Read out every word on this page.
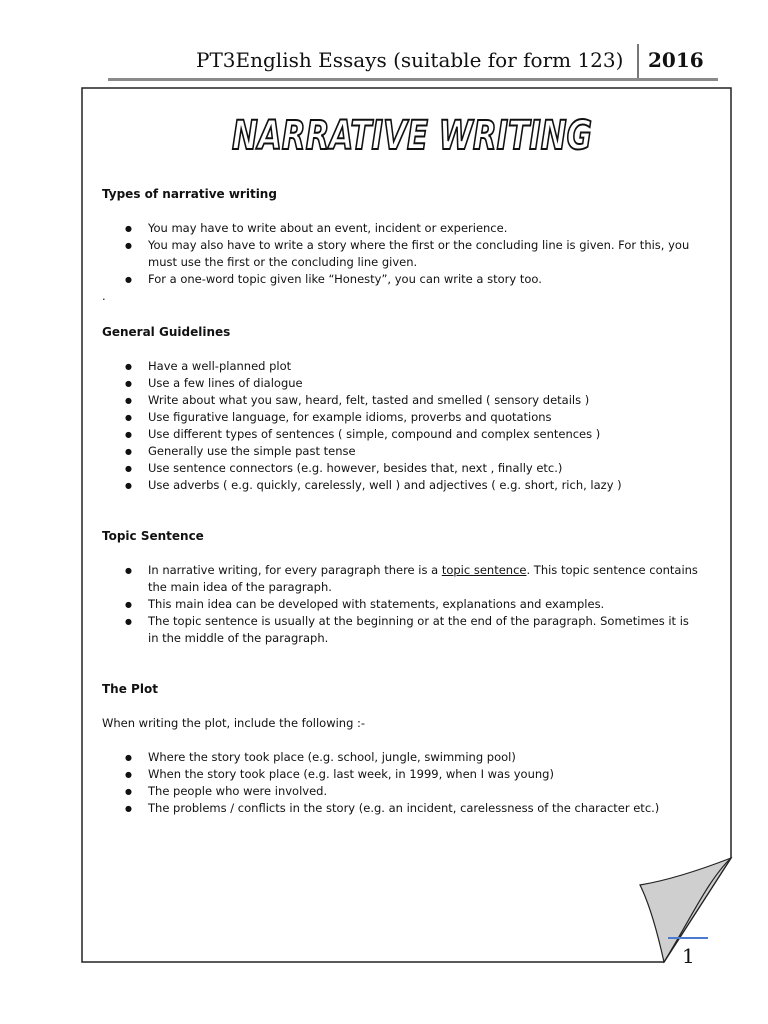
PT3English Essays (suitable for form 123) 2016
NARRATIVE WRITING

Types of narrative writing

● You may have to write about an event, incident or experience.
● You may also have to write a story where the first or the concluding line is given. For this, you must use the first or the concluding line given.
● For a one-word topic given like “Honesty”, you can write a story too.

.

General Guidelines

● Have a well-planned plot
● Use a few lines of dialogue
● Write about what you saw, heard, felt, tasted and smelled ( sensory details )
● Use figurative language, for example idioms, proverbs and quotations
● Use different types of sentences ( simple, compound and complex sentences )
● Generally use the simple past tense
● Use sentence connectors (e.g. however, besides that, next , finally etc.)
● Use adverbs ( e.g. quickly, carelessly, well ) and adjectives ( e.g. short, rich, lazy )

Topic Sentence

● In narrative writing, for every paragraph there is a topic sentence. This topic sentence contains the main idea of the paragraph.
● This main idea can be developed with statements, explanations and examples.
● The topic sentence is usually at the beginning or at the end of the paragraph. Sometimes it is in the middle of the paragraph.

The Plot

When writing the plot, include the following :-

● Where the story took place (e.g. school, jungle, swimming pool)
● When the story took place (e.g. last week, in 1999, when I was young)
● The people who were involved.
● The problems / conflicts in the story (e.g. an incident, carelessness of the character etc.)
1
